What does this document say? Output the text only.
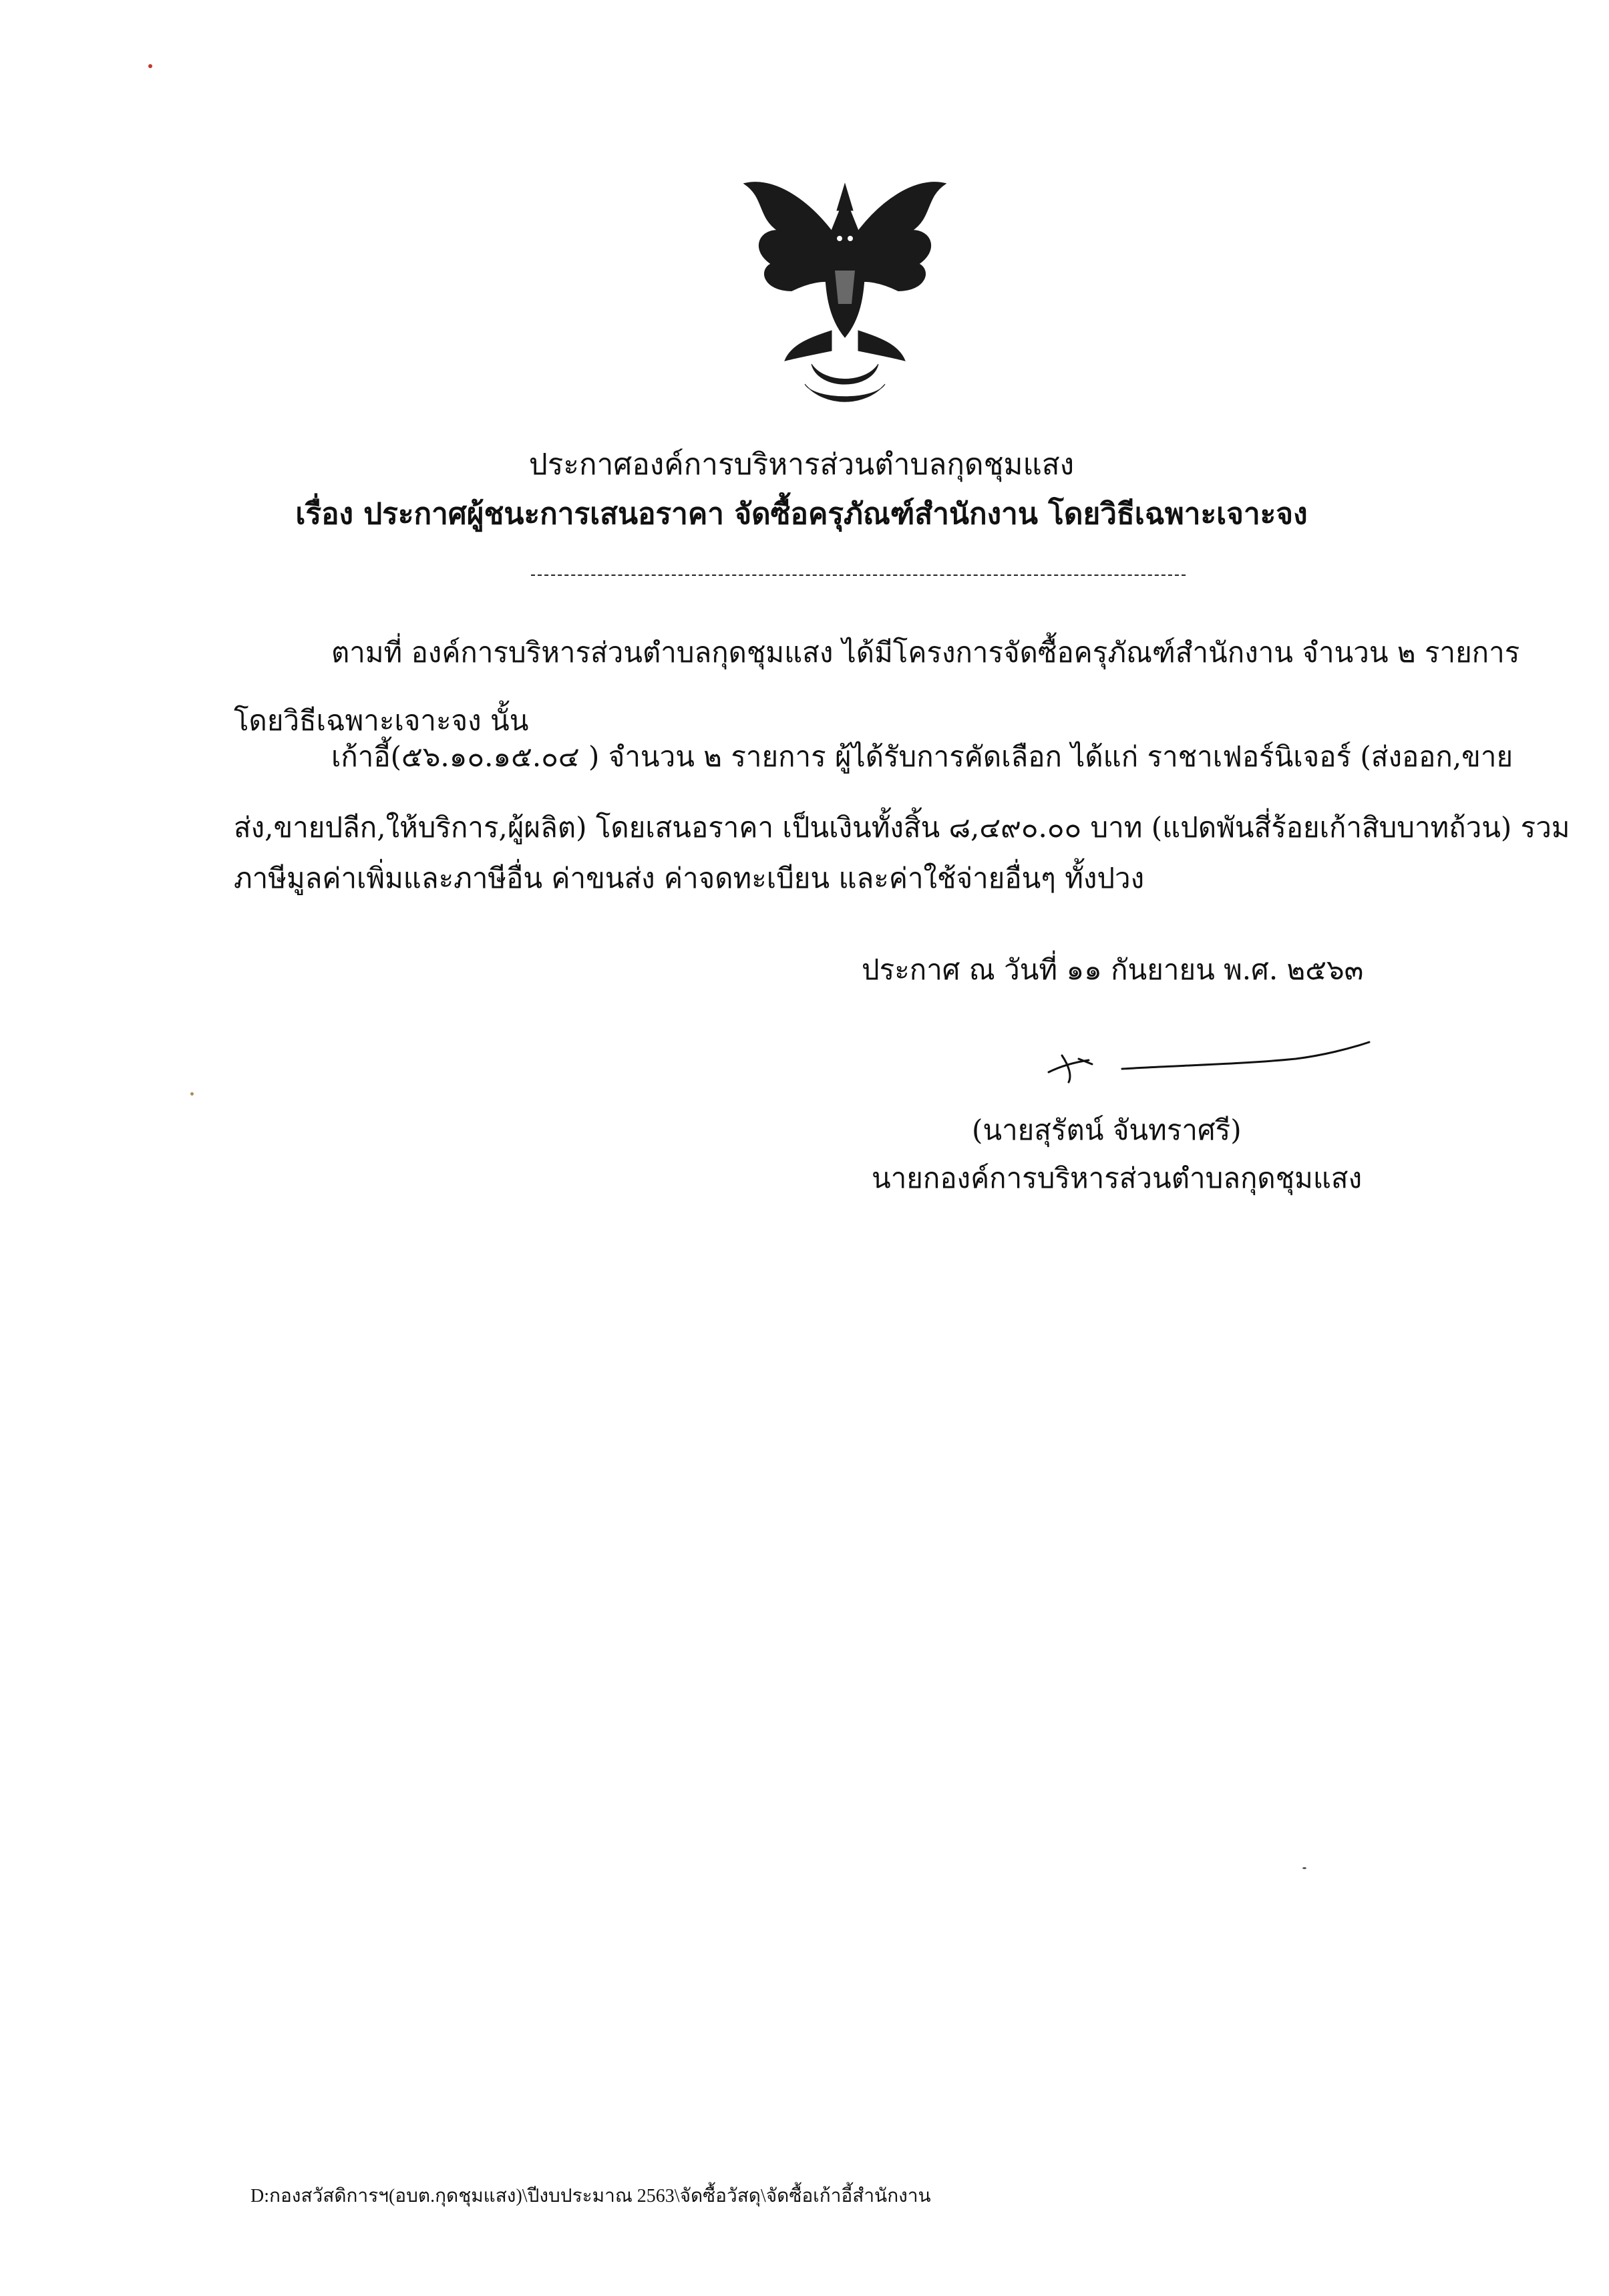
ประกาศองค์การบริหารส่วนตำบลกุดชุมแสง
เรื่อง ประกาศผู้ชนะการเสนอราคา จัดซื้อครุภัณฑ์สำนักงาน โดยวิธีเฉพาะเจาะจง
ตามที่ องค์การบริหารส่วนตำบลกุดชุมแสง ได้มีโครงการจัดซื้อครุภัณฑ์สำนักงาน จำนวน ๒ รายการ
โดยวิธีเฉพาะเจาะจง นั้น
เก้าอี้(๕๖.๑๐.๑๕.๐๔ ) จำนวน ๒ รายการ ผู้ได้รับการคัดเลือก ได้แก่ ราชาเฟอร์นิเจอร์ (ส่งออก,ขาย
ส่ง,ขายปลีก,ให้บริการ,ผู้ผลิต) โดยเสนอราคา เป็นเงินทั้งสิ้น ๘,๔๙๐.๐๐ บาท (แปดพันสี่ร้อยเก้าสิบบาทถ้วน) รวม
ภาษีมูลค่าเพิ่มและภาษีอื่น ค่าขนส่ง ค่าจดทะเบียน และค่าใช้จ่ายอื่นๆ ทั้งปวง
ประกาศ ณ วันที่ ๑๑ กันยายน พ.ศ. ๒๕๖๓
(นายสุรัตน์ จันทราศรี)
นายกองค์การบริหารส่วนตำบลกุดชุมแสง
D:กองสวัสดิการฯ(อบต.กุดชุมแสง)\ปีงบประมาณ 2563\จัดซื้อวัสดุ\จัดซื้อเก้าอี้สำนักงาน
